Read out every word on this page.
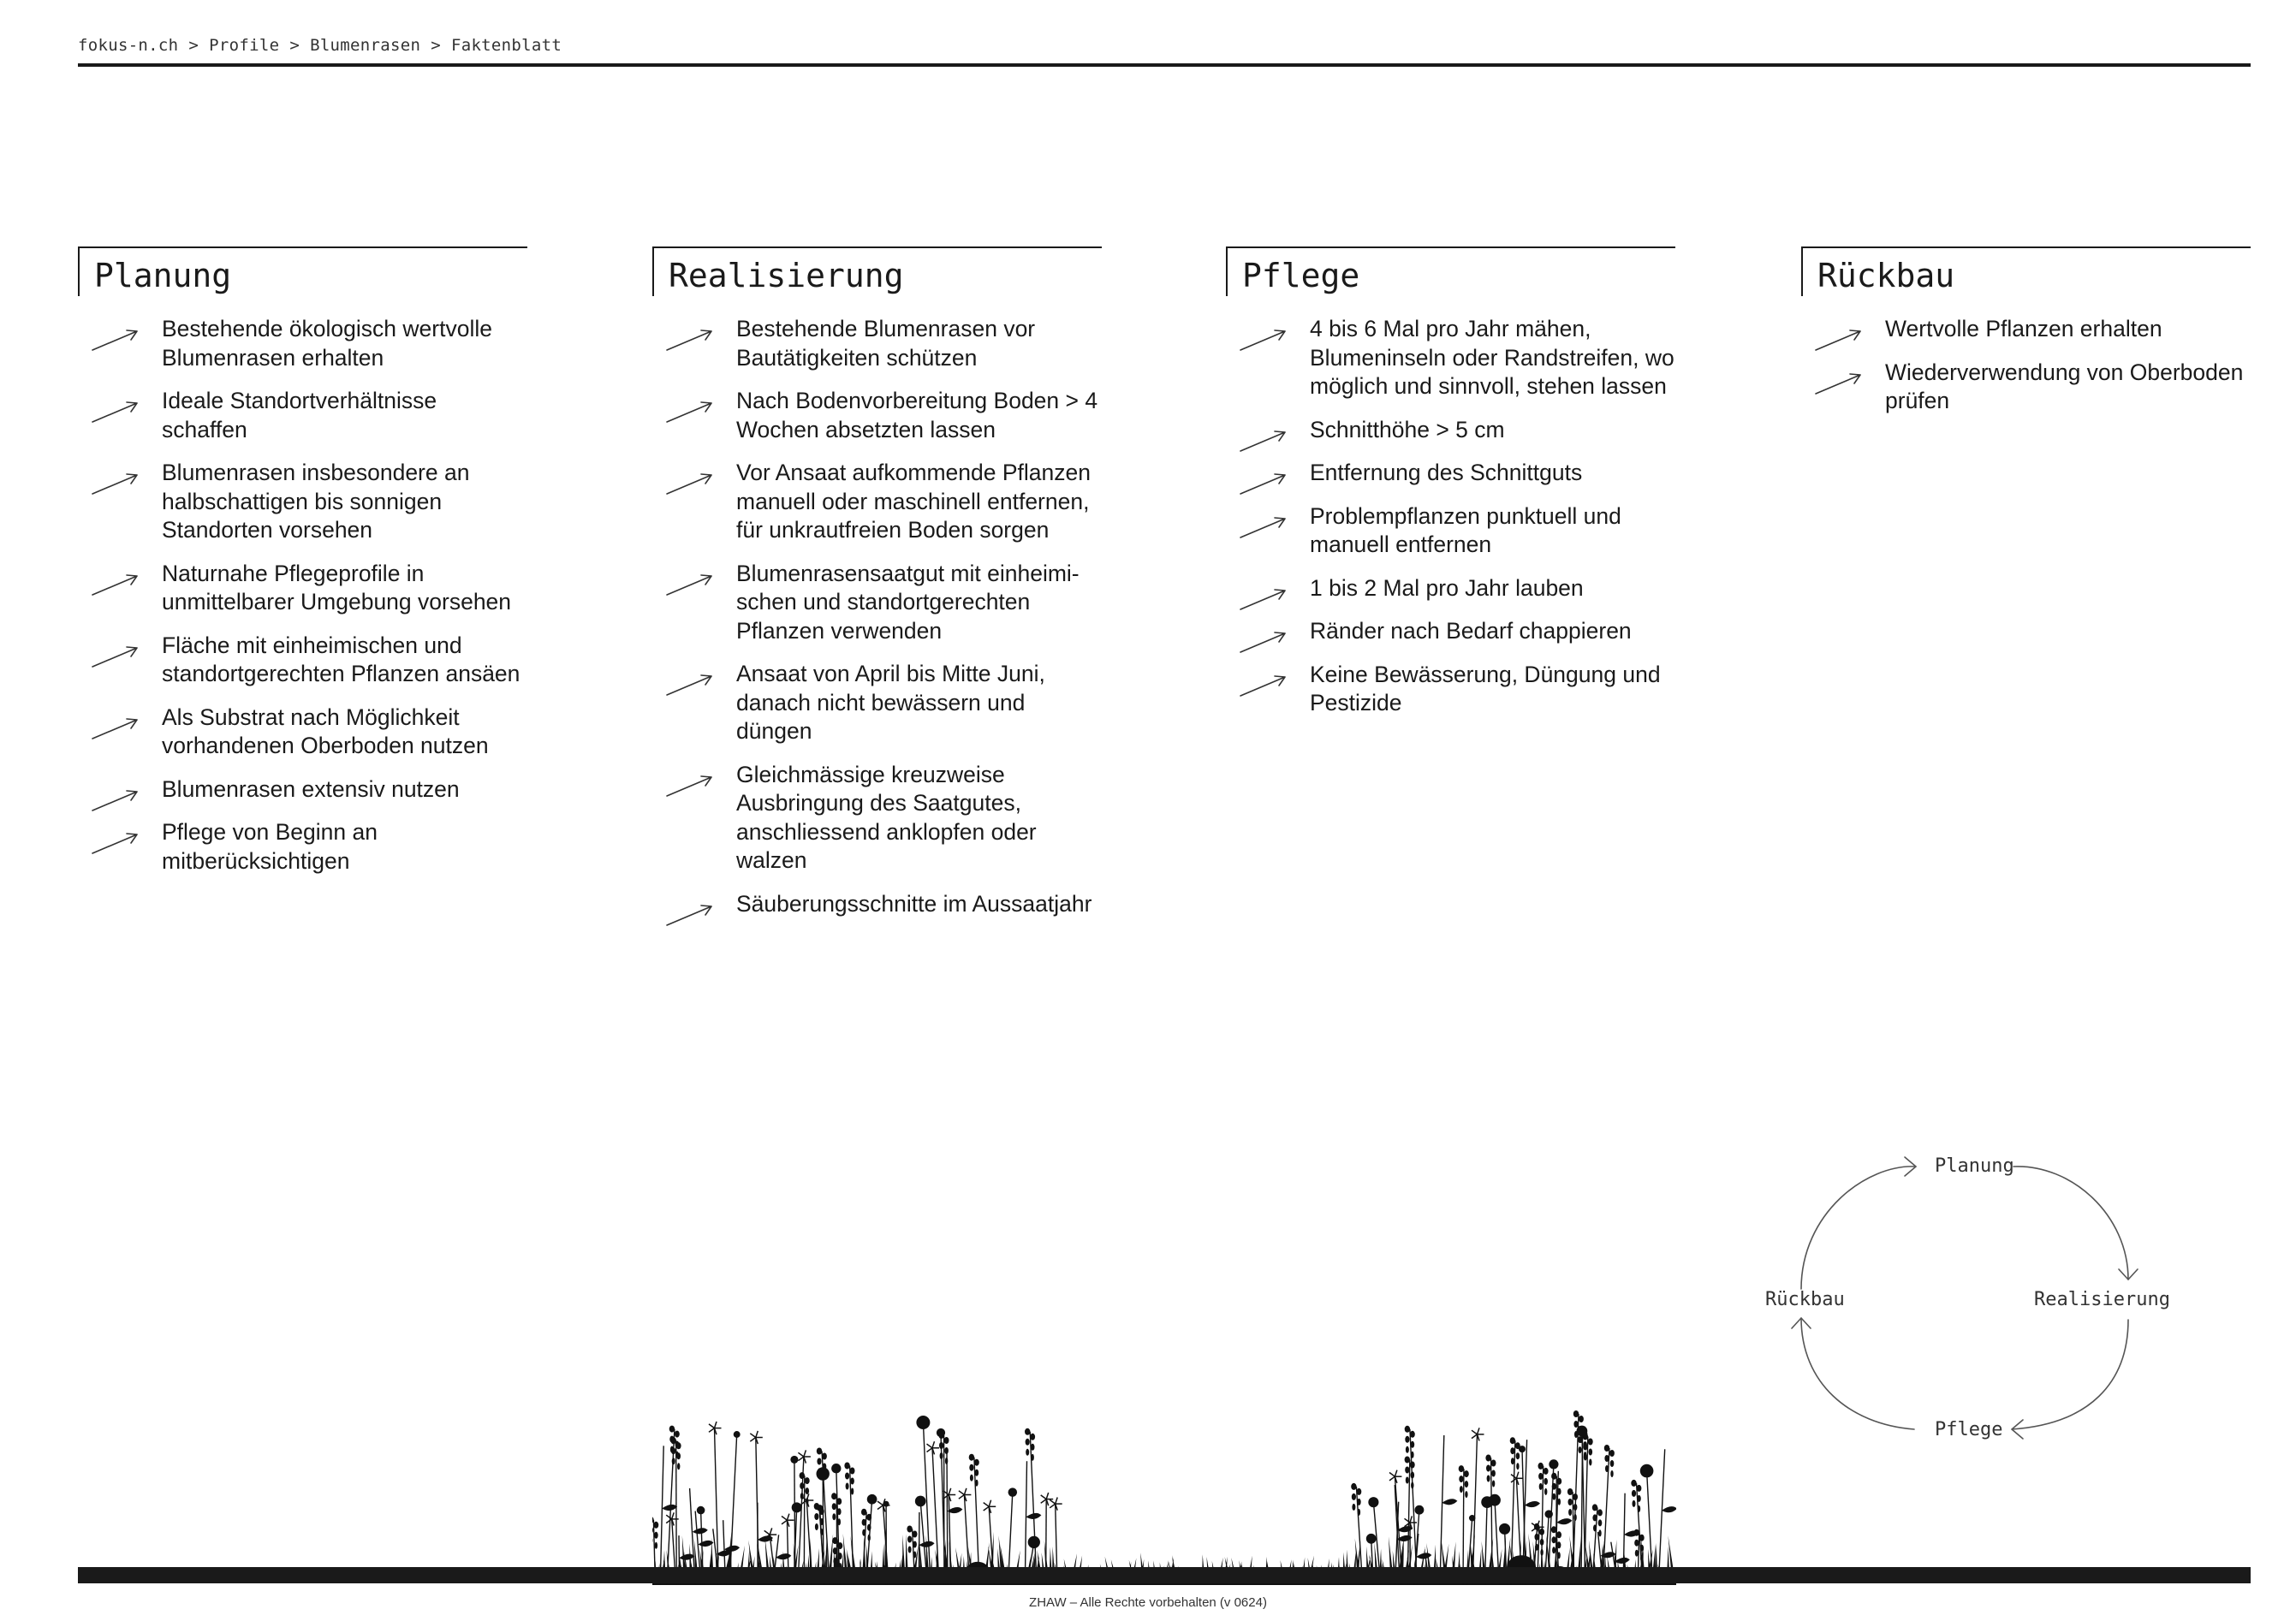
fokus-n.ch > Profile > Blumenrasen > Faktenblatt
Planung
Bestehende ökologisch wertvolle Blumenrasen erhalten
Ideale Standortverhältnisse schaffen
Blumenrasen insbesondere an halbschattigen bis sonnigen Standorten vorsehen
Naturnahe Pflegeprofile in unmittelbarer Umgebung vorsehen
Fläche mit einheimischen und standortgerechten Pflanzen ansäen
Als Substrat nach Möglichkeit vorhandenen Oberboden nutzen
Blumenrasen extensiv nutzen
Pflege von Beginn an mitberücksichtigen
Realisierung
Bestehende Blumenrasen vor Bautätigkeiten schützen
Nach Bodenvorbereitung Boden > 4 Wochen absetzten lassen
Vor Ansaat aufkommende Pflanzen manuell oder maschinell entfernen, für unkrautfreien Boden sorgen
Blumenrasensaatgut mit einheimi-schen und standortgerechten Pflanzen verwenden
Ansaat von April bis Mitte Juni, danach nicht bewässern und düngen
Gleichmässige kreuzweise Ausbringung des Saatgutes, anschliessend anklopfen oder walzen
Säuberungsschnitte im Aussaatjahr
Pflege
4 bis 6 Mal pro Jahr mähen, Blumeninseln oder Randstreifen, wo möglich und sinnvoll, stehen lassen
Schnitthöhe > 5 cm
Entfernung des Schnittguts
Problempflanzen punktuell und manuell entfernen
1 bis 2 Mal pro Jahr lauben
Ränder nach Bedarf chappieren
Keine Bewässerung, Düngung und Pestizide
Rückbau
Wertvolle Pflanzen erhalten
Wiederverwendung von Oberboden prüfen
Planung
Realisierung
Pflege
Rückbau
ZHAW – Alle Rechte vorbehalten (v 0624)
